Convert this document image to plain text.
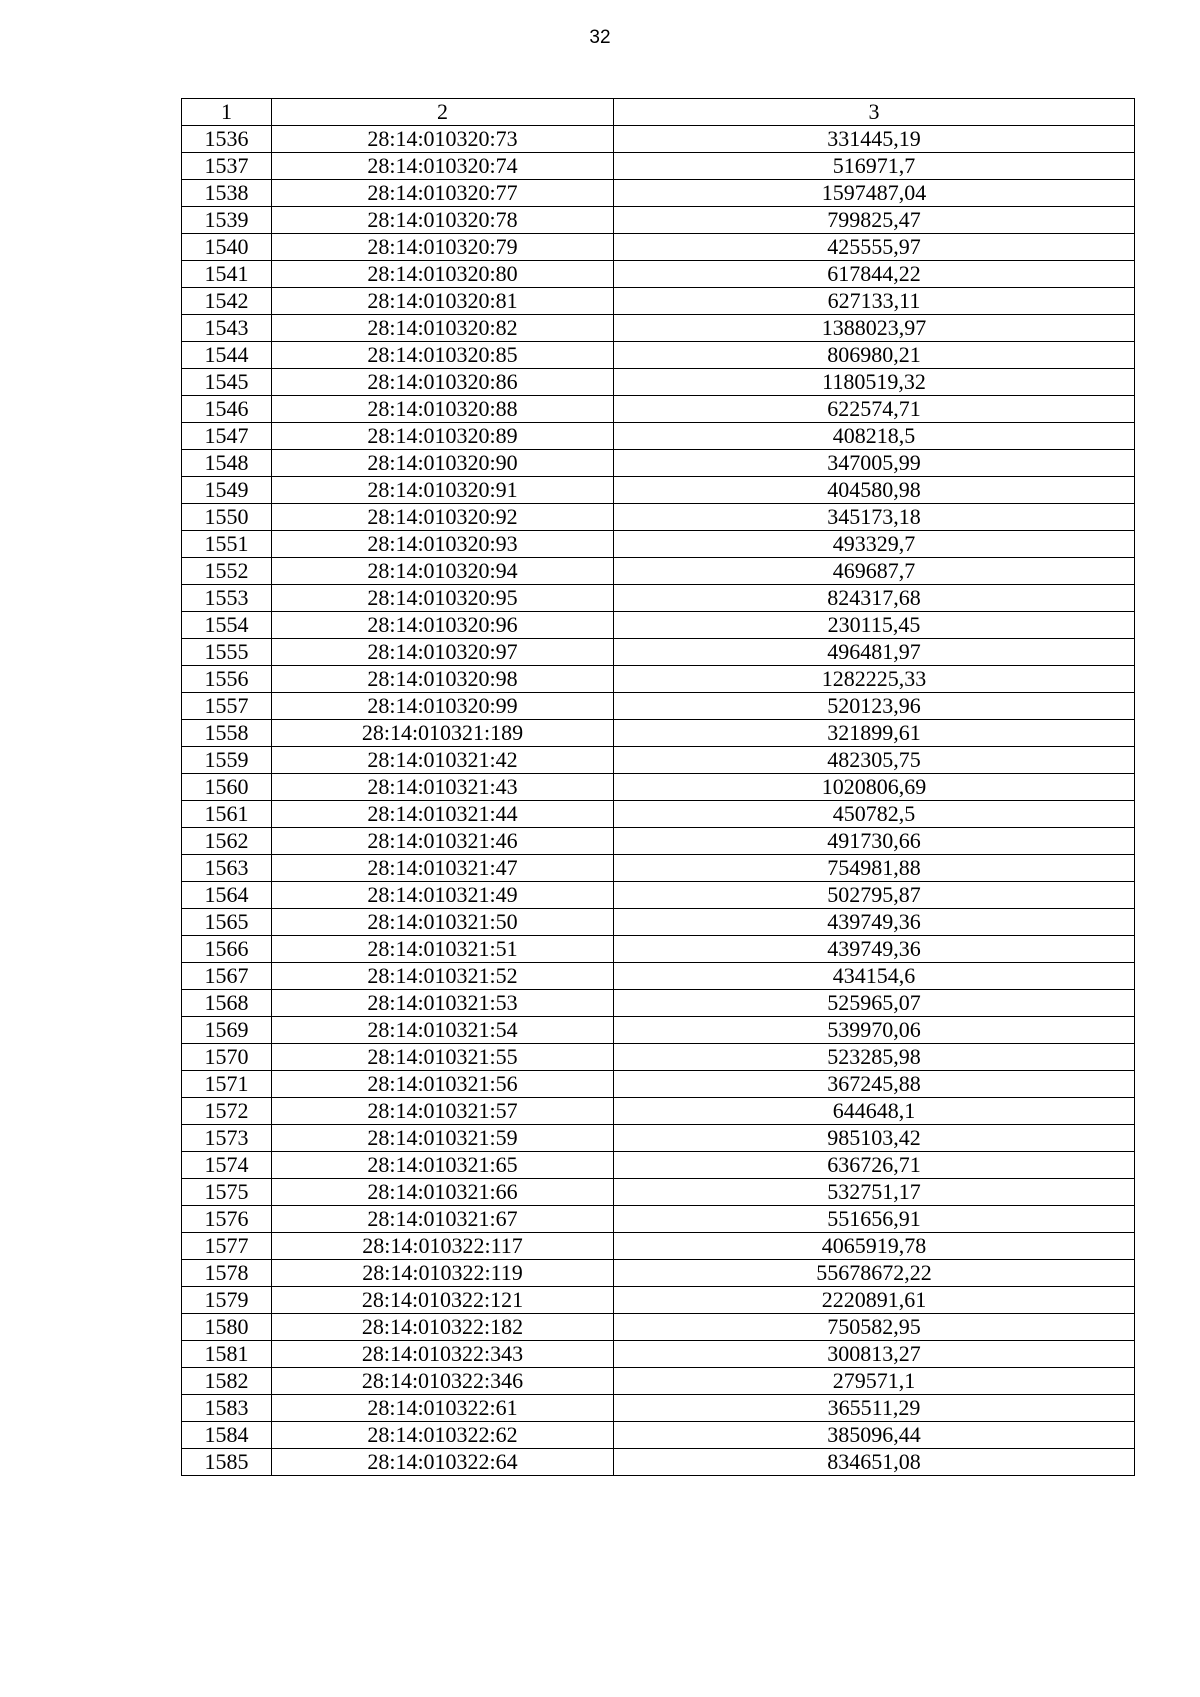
32
1	2	3
1536	28:14:010320:73	331445,19
1537	28:14:010320:74	516971,7
1538	28:14:010320:77	1597487,04
1539	28:14:010320:78	799825,47
1540	28:14:010320:79	425555,97
1541	28:14:010320:80	617844,22
1542	28:14:010320:81	627133,11
1543	28:14:010320:82	1388023,97
1544	28:14:010320:85	806980,21
1545	28:14:010320:86	1180519,32
1546	28:14:010320:88	622574,71
1547	28:14:010320:89	408218,5
1548	28:14:010320:90	347005,99
1549	28:14:010320:91	404580,98
1550	28:14:010320:92	345173,18
1551	28:14:010320:93	493329,7
1552	28:14:010320:94	469687,7
1553	28:14:010320:95	824317,68
1554	28:14:010320:96	230115,45
1555	28:14:010320:97	496481,97
1556	28:14:010320:98	1282225,33
1557	28:14:010320:99	520123,96
1558	28:14:010321:189	321899,61
1559	28:14:010321:42	482305,75
1560	28:14:010321:43	1020806,69
1561	28:14:010321:44	450782,5
1562	28:14:010321:46	491730,66
1563	28:14:010321:47	754981,88
1564	28:14:010321:49	502795,87
1565	28:14:010321:50	439749,36
1566	28:14:010321:51	439749,36
1567	28:14:010321:52	434154,6
1568	28:14:010321:53	525965,07
1569	28:14:010321:54	539970,06
1570	28:14:010321:55	523285,98
1571	28:14:010321:56	367245,88
1572	28:14:010321:57	644648,1
1573	28:14:010321:59	985103,42
1574	28:14:010321:65	636726,71
1575	28:14:010321:66	532751,17
1576	28:14:010321:67	551656,91
1577	28:14:010322:117	4065919,78
1578	28:14:010322:119	55678672,22
1579	28:14:010322:121	2220891,61
1580	28:14:010322:182	750582,95
1581	28:14:010322:343	300813,27
1582	28:14:010322:346	279571,1
1583	28:14:010322:61	365511,29
1584	28:14:010322:62	385096,44
1585	28:14:010322:64	834651,08
